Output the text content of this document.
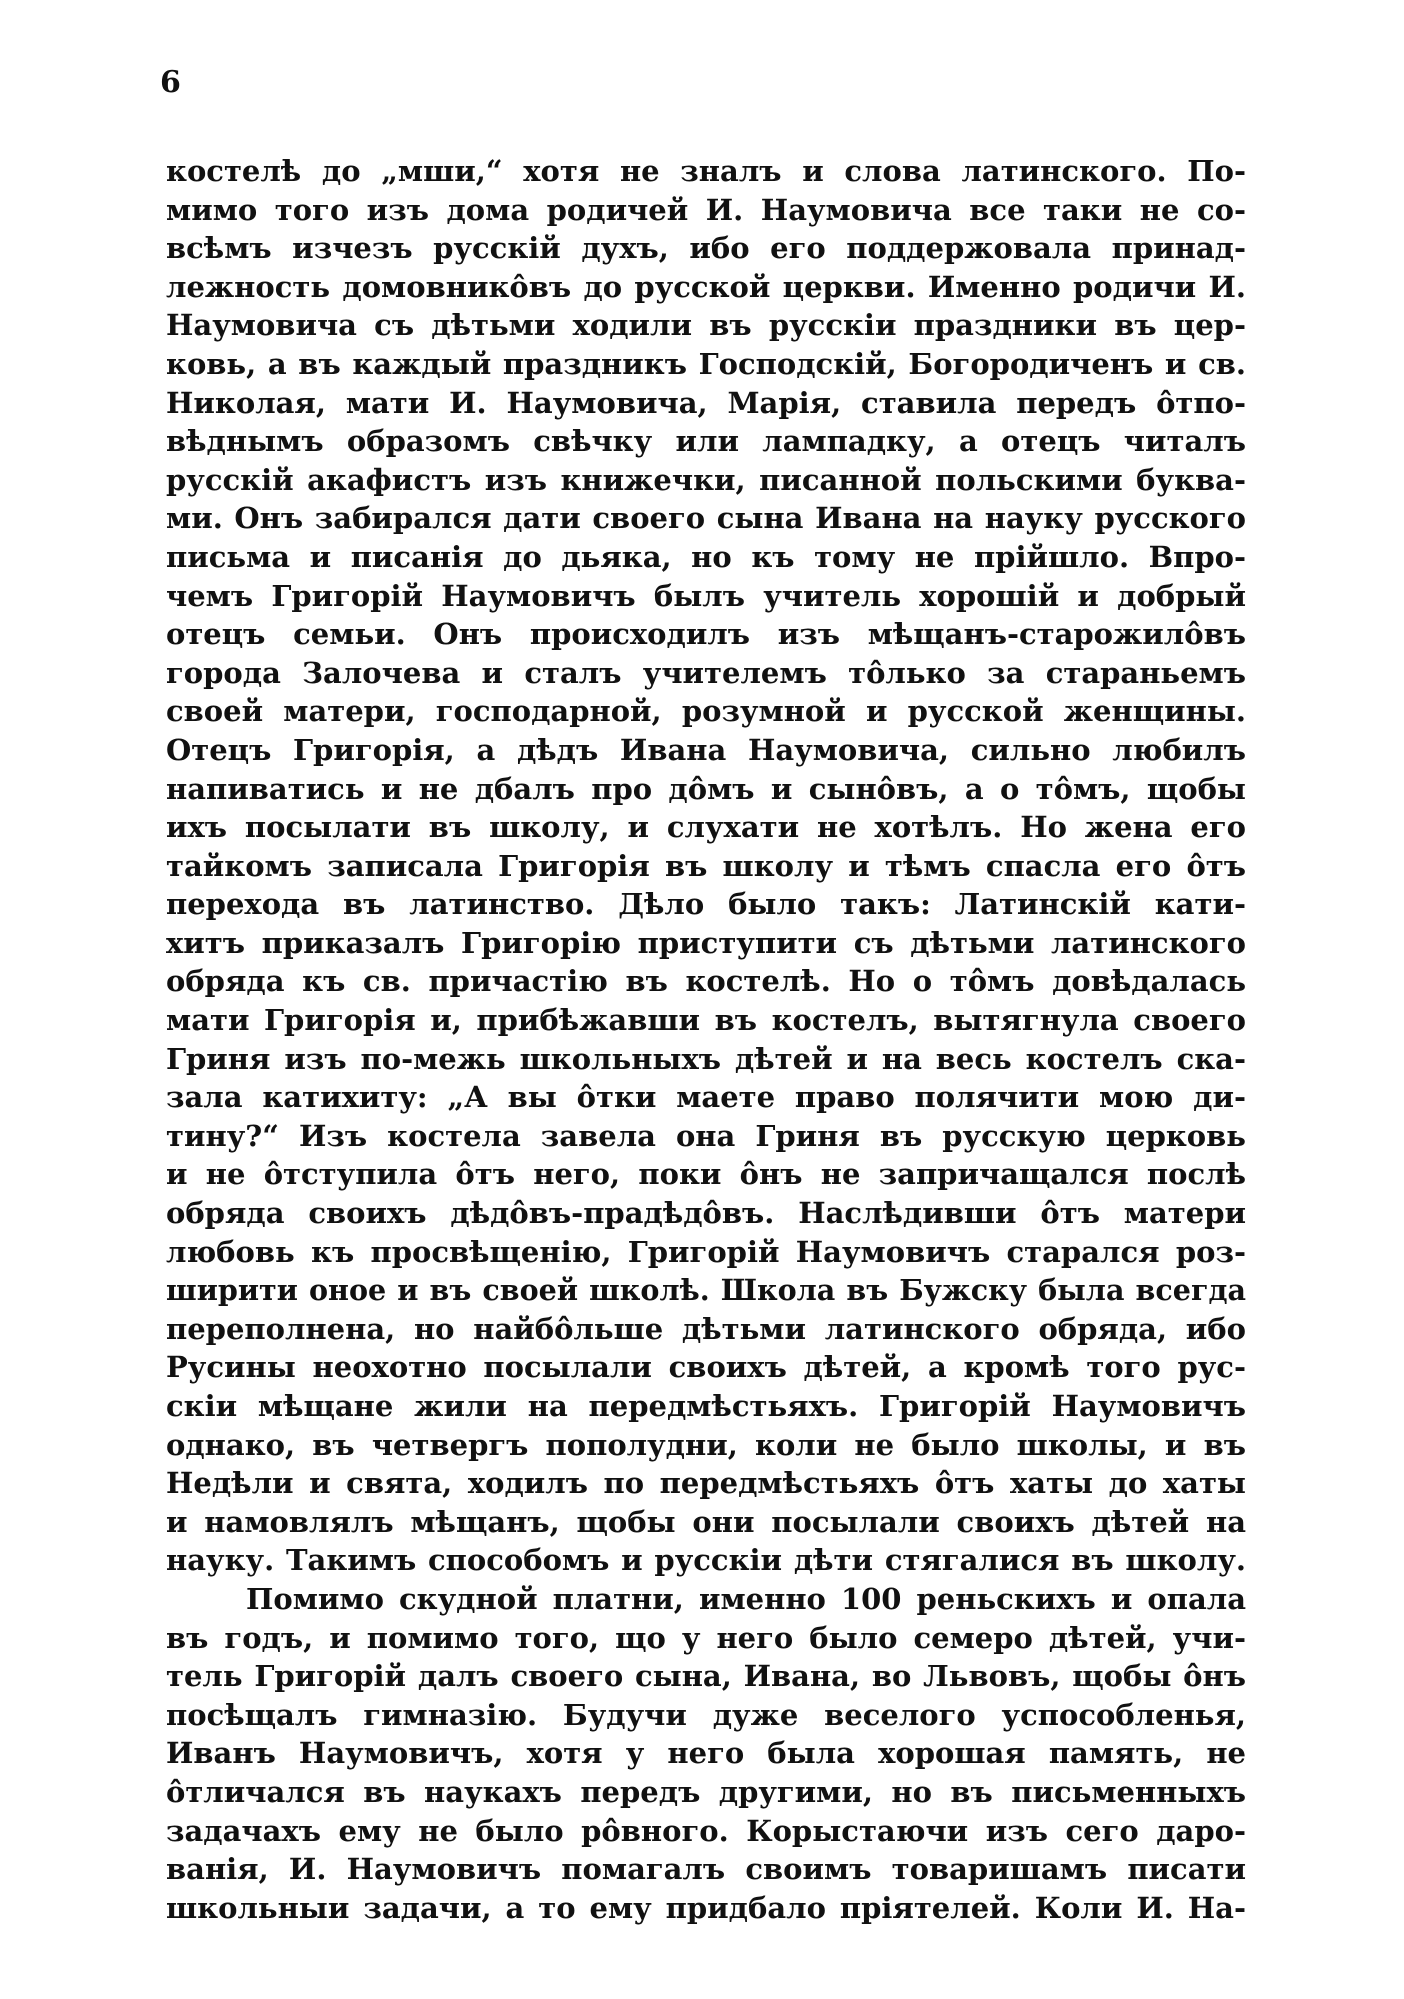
6
костелѣ до „мши,“ хотя не зналъ и слова латинского. По-
мимо того изъ дома родичей И. Наумовича все таки не со-
всѣмъ изчезъ русскій духъ, ибо его поддержовала принад-
лежность домовникôвъ до русской церкви. Именно родичи И.
Наумовича съ дѣтьми ходили въ русскіи праздники въ цер-
ковь, а въ каждый праздникъ Господскій, Богородиченъ и св.
Николая, мати И. Наумовича, Марія, ставила передъ ôтпо-
вѣднымъ образомъ свѣчку или лампадку, а отецъ читалъ
русскій акафистъ изъ книжечки, писанной польскими буква-
ми. Онъ забирался дати своего сына Ивана на науку русского
письма и писанія до дьяка, но къ тому не прійшло. Впро-
чемъ Григорій Наумовичъ былъ учитель хорошій и добрый
отецъ семьи. Онъ происходилъ изъ мѣщанъ-старожилôвъ
города Залочева и сталъ учителемъ тôлько за стараньемъ
своей матери, господарной, розумной и русской женщины.
Отецъ Григорія, а дѣдъ Ивана Наумовича, сильно любилъ
напиватись и не дбалъ про дôмъ и сынôвъ, а о тôмъ, щобы
ихъ посылати въ школу, и слухати не хотѣлъ. Но жена его
тайкомъ записала Григорія въ школу и тѣмъ спасла его ôтъ
перехода въ латинство. Дѣло было такъ: Латинскій кати-
хитъ приказалъ Григорію приступити съ дѣтьми латинского
обряда къ св. причастію въ костелѣ. Но о тôмъ довѣдалась
мати Григорія и, прибѣжавши въ костелъ, вытягнула своего
Гриня изъ по-межь школьныхъ дѣтей и на весь костелъ ска-
зала катихиту: „А вы ôтки маете право полячити мою ди-
тину?“ Изъ костела завела она Гриня въ русскую церковь
и не ôтступила ôтъ него, поки ôнъ не запричащался послѣ
обряда своихъ дѣдôвъ-прадѣдôвъ. Наслѣдивши ôтъ матери
любовь къ просвѣщенію, Григорій Наумовичъ старался роз-
ширити оное и въ своей школѣ. Школа въ Бужску была всегда
переполнена, но найбôльше дѣтьми латинского обряда, ибо
Русины неохотно посылали своихъ дѣтей, а кромѣ того рус-
скіи мѣщане жили на передмѣстьяхъ. Григорій Наумовичъ
однако, въ четвергъ пополудни, коли не было школы, и въ
Недѣли и свята, ходилъ по передмѣстьяхъ ôтъ хаты до хаты
и намовлялъ мѣщанъ, щобы они посылали своихъ дѣтей на
науку. Такимъ способомъ и русскіи дѣти стягалися въ школу.
Помимо скудной платни, именно 100 реньскихъ и опала
въ годъ, и помимо того, що у него было семеро дѣтей, учи-
тель Григорій далъ своего сына, Ивана, во Львовъ, щобы ôнъ
посѣщалъ гимназію. Будучи дуже веселого успособленья,
Иванъ Наумовичъ, хотя у него была хорошая память, не
ôтличался въ наукахъ передъ другими, но въ письменныхъ
задачахъ ему не было рôвного. Корыстаючи изъ сего даро-
ванія, И. Наумовичъ помагалъ своимъ товаришамъ писати
школьныи задачи, а то ему придбало пріятелей. Коли И. На-
